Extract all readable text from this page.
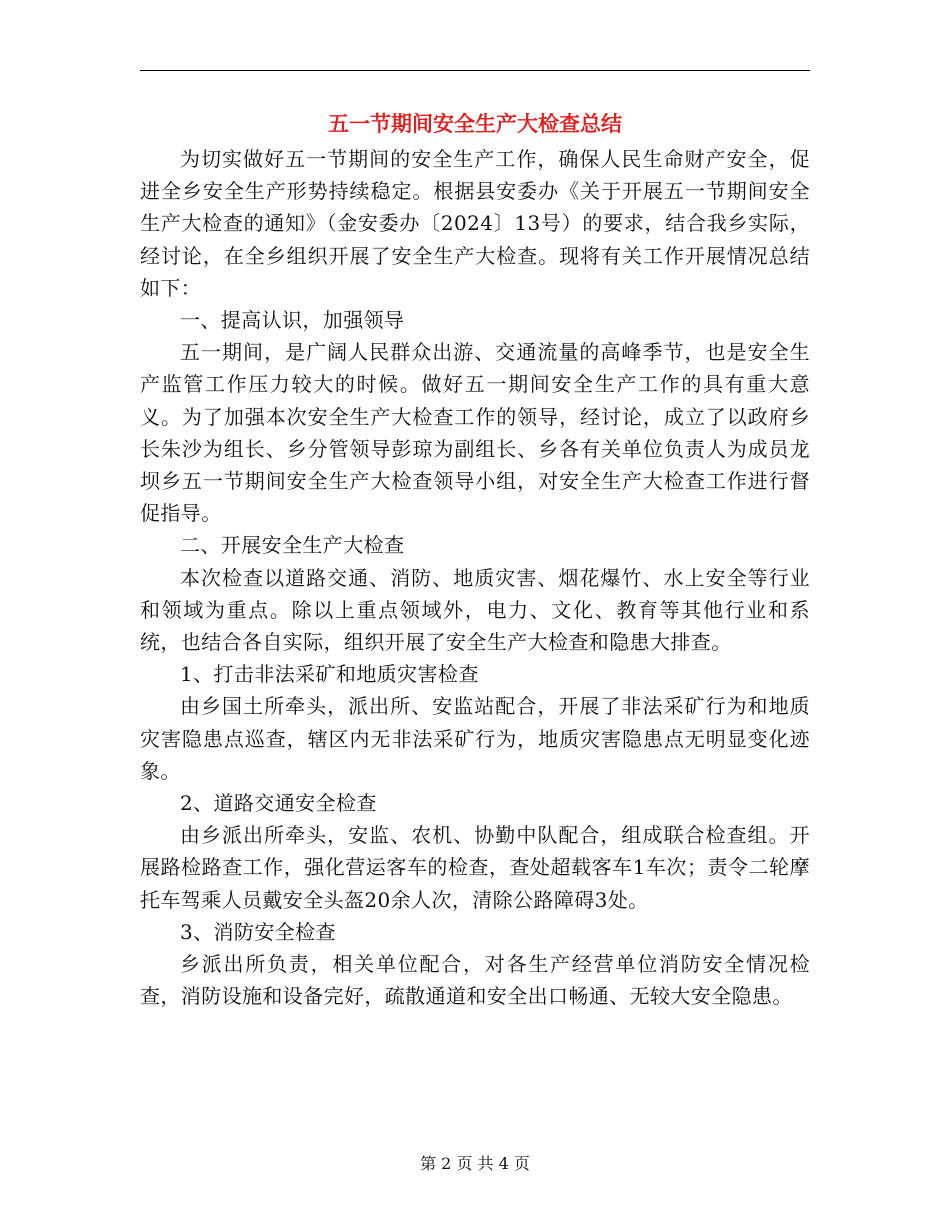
五一节期间安全生产大检查总结

为切实做好五一节期间的安全生产工作，确保人民生命财产安全，促进全乡安全生产形势持续稳定。根据县安委办《关于开展五一节期间安全生产大检查的通知》（金安委办〔2024〕13号）的要求，结合我乡实际，经讨论，在全乡组织开展了安全生产大检查。现将有关工作开展情况总结如下：

一、提高认识，加强领导

五一期间，是广阔人民群众出游、交通流量的高峰季节，也是安全生产监管工作压力较大的时候。做好五一期间安全生产工作的具有重大意义。为了加强本次安全生产大检查工作的领导，经讨论，成立了以政府乡长朱沙为组长、乡分管领导彭琼为副组长、乡各有关单位负责人为成员龙坝乡五一节期间安全生产大检查领导小组，对安全生产大检查工作进行督促指导。

二、开展安全生产大检查

本次检查以道路交通、消防、地质灾害、烟花爆竹、水上安全等行业和领域为重点。除以上重点领域外，电力、文化、教育等其他行业和系统，也结合各自实际，组织开展了安全生产大检查和隐患大排查。

1、打击非法采矿和地质灾害检查

由乡国土所牵头，派出所、安监站配合，开展了非法采矿行为和地质灾害隐患点巡查，辖区内无非法采矿行为，地质灾害隐患点无明显变化迹象。

2、道路交通安全检查

由乡派出所牵头，安监、农机、协勤中队配合，组成联合检查组。开展路检路查工作，强化营运客车的检查，查处超载客车1车次；责令二轮摩托车驾乘人员戴安全头盔20余人次，清除公路障碍3处。

3、消防安全检查

乡派出所负责，相关单位配合，对各生产经营单位消防安全情况检查，消防设施和设备完好，疏散通道和安全出口畅通、无较大安全隐患。

第 2 页 共 4 页
